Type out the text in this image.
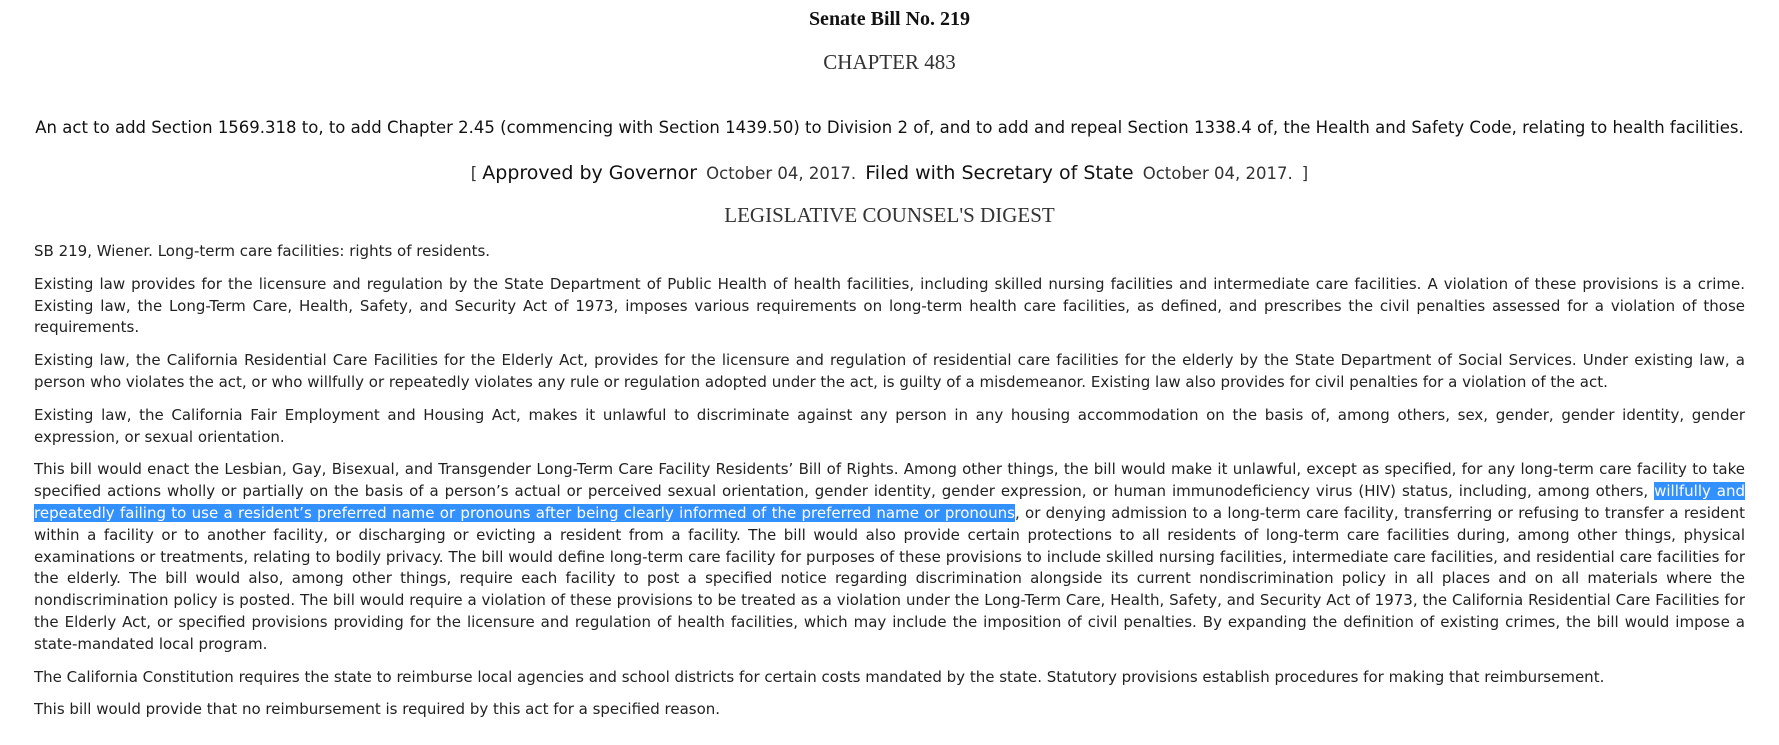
Senate Bill No. 219
CHAPTER 483
An act to add Section 1569.318 to, to add Chapter 2.45 (commencing with Section 1439.50) to Division 2 of, and to add and repeal Section 1338.4 of, the Health and Safety Code, relating to health facilities.
[ Approved by Governor October 04, 2017. Filed with Secretary of State October 04, 2017. ]
LEGISLATIVE COUNSEL'S DIGEST

SB 219, Wiener. Long-term care facilities: rights of residents.

Existing law provides for the licensure and regulation by the State Department of Public Health of health facilities, including skilled nursing facilities and intermediate care facilities. A violation of these provisions is a crime. Existing law, the Long-Term Care, Health, Safety, and Security Act of 1973, imposes various requirements on long-term health care facilities, as defined, and prescribes the civil penalties assessed for a violation of those requirements.

Existing law, the California Residential Care Facilities for the Elderly Act, provides for the licensure and regulation of residential care facilities for the elderly by the State Department of Social Services. Under existing law, a person who violates the act, or who willfully or repeatedly violates any rule or regulation adopted under the act, is guilty of a misdemeanor. Existing law also provides for civil penalties for a violation of the act.

Existing law, the California Fair Employment and Housing Act, makes it unlawful to discriminate against any person in any housing accommodation on the basis of, among others, sex, gender, gender identity, gender expression, or sexual orientation.

This bill would enact the Lesbian, Gay, Bisexual, and Transgender Long-Term Care Facility Residents’ Bill of Rights. Among other things, the bill would make it unlawful, except as specified, for any long-term care facility to take specified actions wholly or partially on the basis of a person’s actual or perceived sexual orientation, gender identity, gender expression, or human immunodeficiency virus (HIV) status, including, among others, willfully and repeatedly failing to use a resident’s preferred name or pronouns after being clearly informed of the preferred name or pronouns, or denying admission to a long-term care facility, transferring or refusing to transfer a resident within a facility or to another facility, or discharging or evicting a resident from a facility. The bill would also provide certain protections to all residents of long-term care facilities during, among other things, physical examinations or treatments, relating to bodily privacy. The bill would define long-term care facility for purposes of these provisions to include skilled nursing facilities, intermediate care facilities, and residential care facilities for the elderly. The bill would also, among other things, require each facility to post a specified notice regarding discrimination alongside its current nondiscrimination policy in all places and on all materials where the nondiscrimination policy is posted. The bill would require a violation of these provisions to be treated as a violation under the Long-Term Care, Health, Safety, and Security Act of 1973, the California Residential Care Facilities for the Elderly Act, or specified provisions providing for the licensure and regulation of health facilities, which may include the imposition of civil penalties. By expanding the definition of existing crimes, the bill would impose a state-mandated local program.

The California Constitution requires the state to reimburse local agencies and school districts for certain costs mandated by the state. Statutory provisions establish procedures for making that reimbursement.

This bill would provide that no reimbursement is required by this act for a specified reason.
